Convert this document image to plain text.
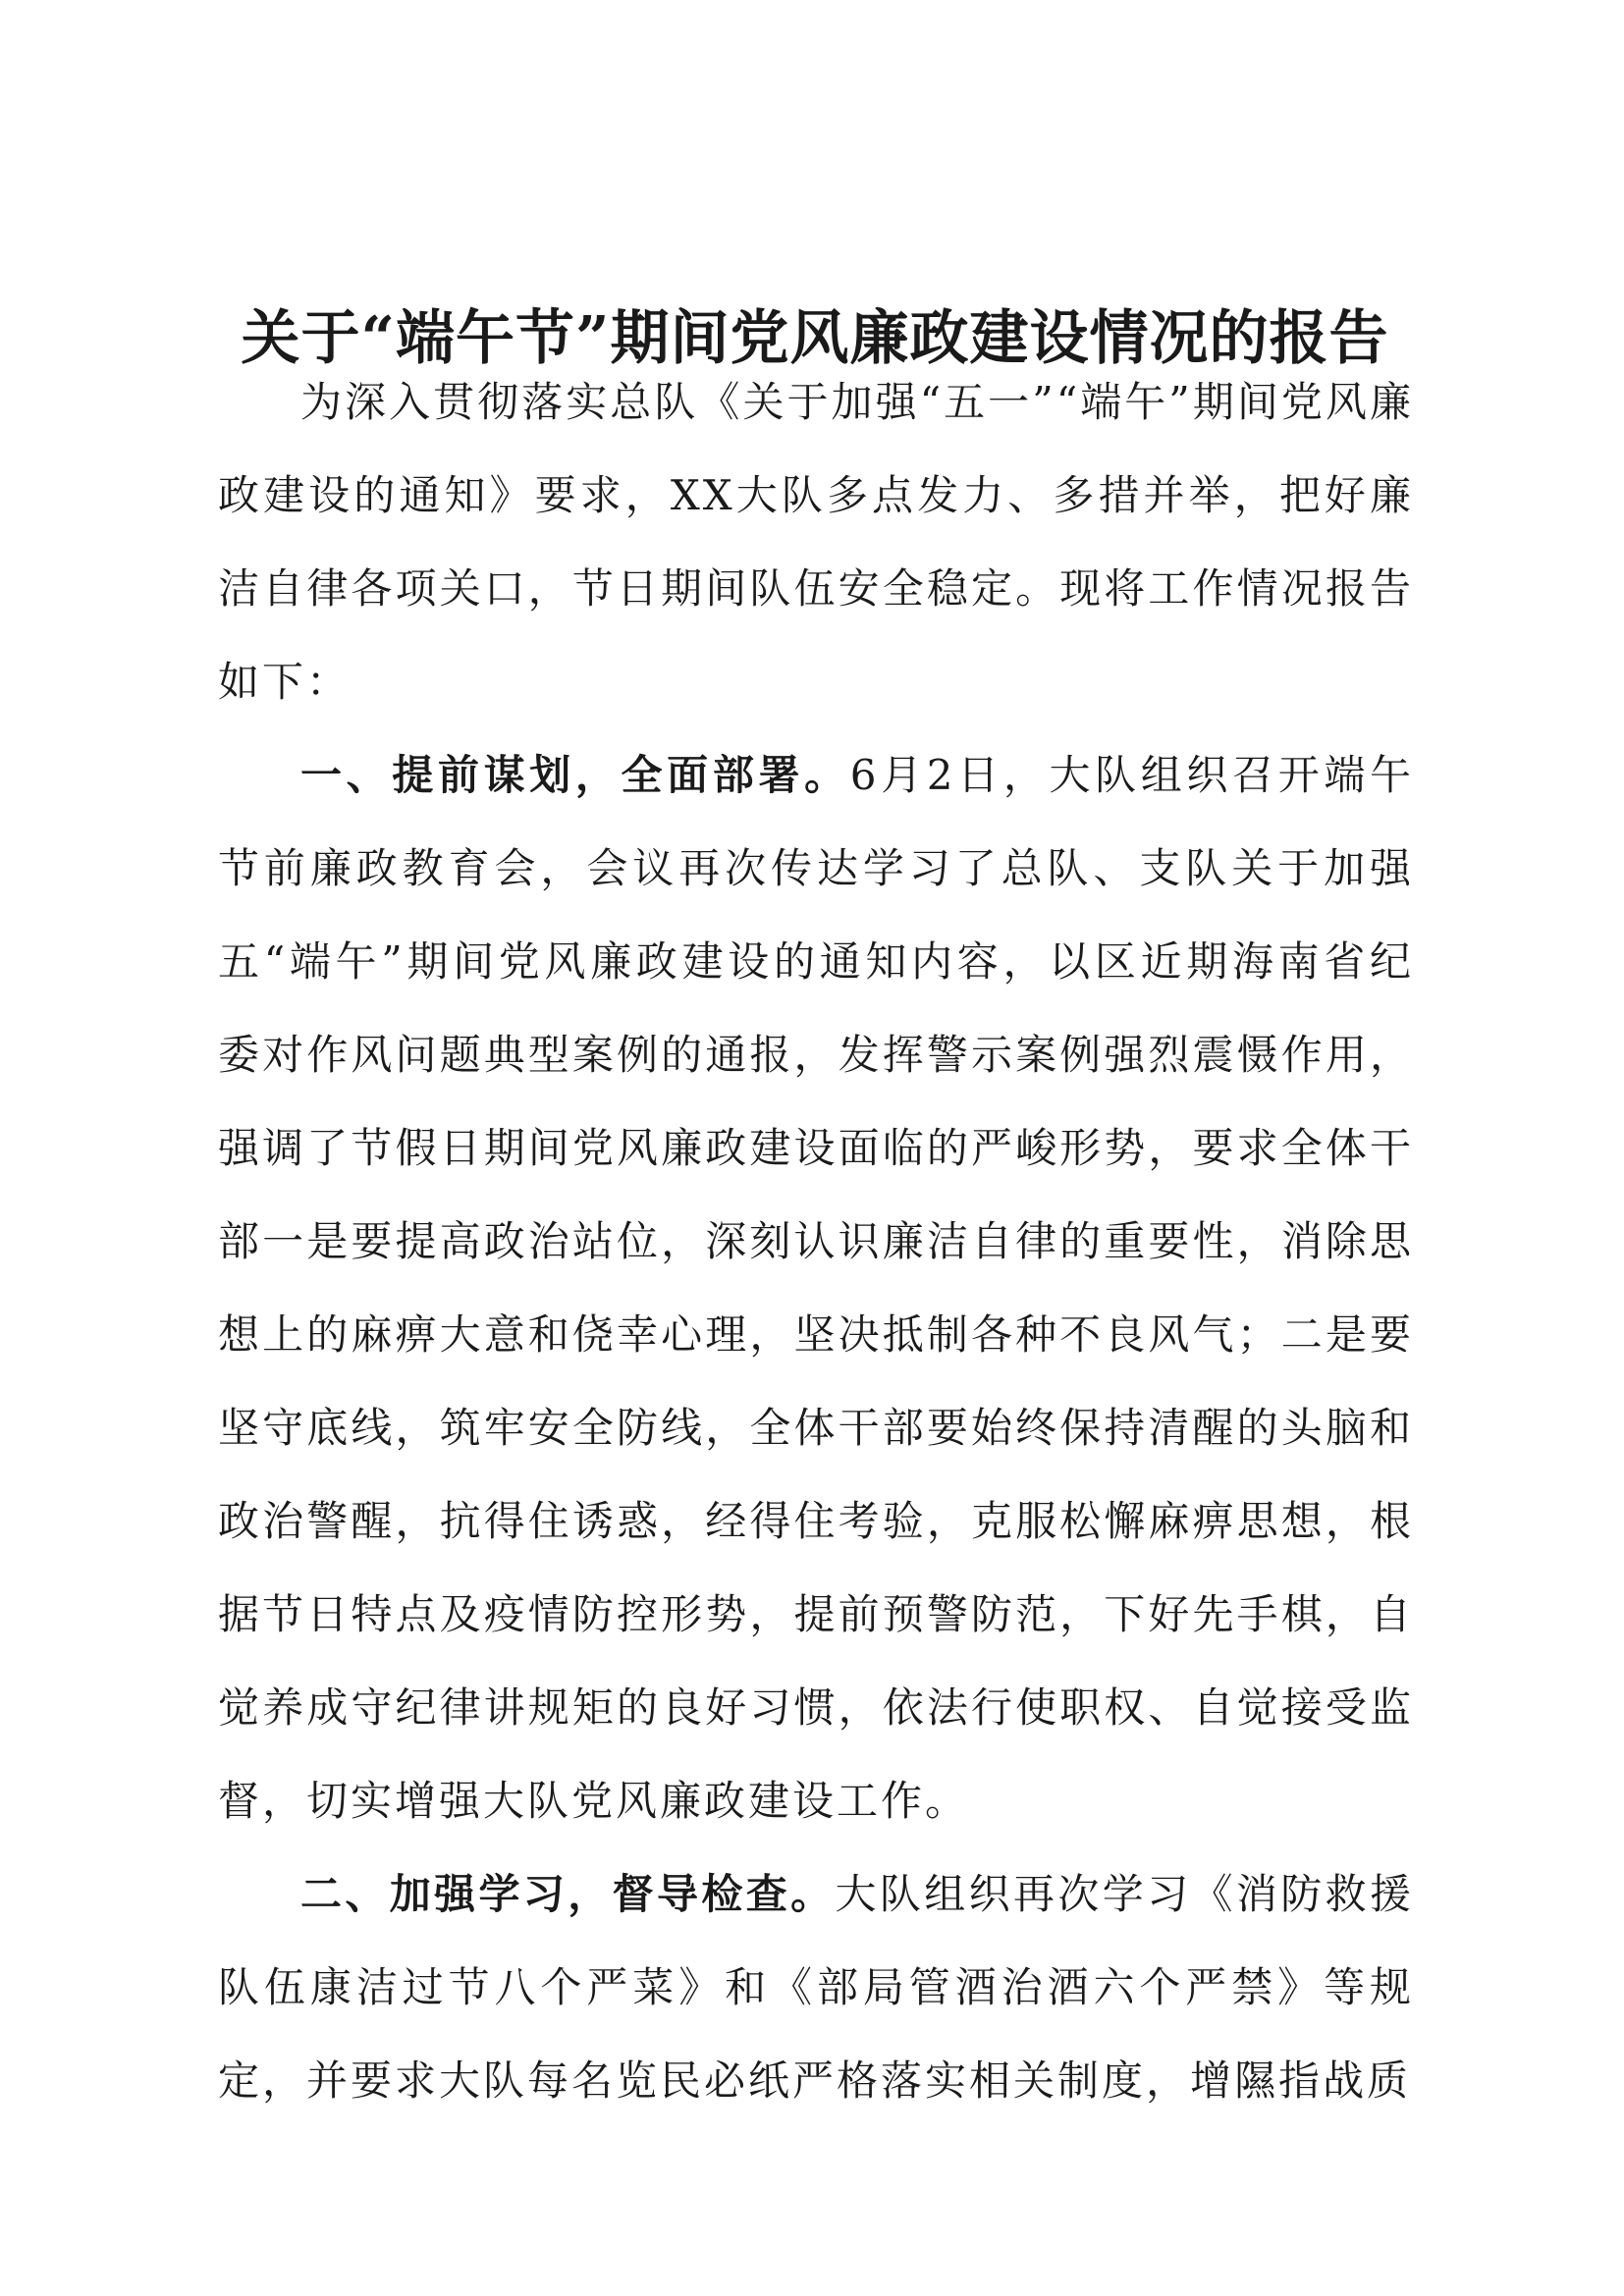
关于“端午节”期间党风廉政建设情况的报告

为深入贯彻落实总队《关于加强“五一”“端午”期间党风廉政建设的通知》要求，XX大队多点发力、多措并举，把好廉洁自律各项关口，节日期间队伍安全稳定。现将工作情况报告如下：

一、提前谋划，全面部署。6月2日，大队组织召开端午节前廉政教育会，会议再次传达学习了总队、支队关于加强五“端午”期间党风廉政建设的通知内容，以区近期海南省纪委对作风问题典型案例的通报，发挥警示案例强烈震慑作用，强调了节假日期间党风廉政建设面临的严峻形势，要求全体干部一是要提高政治站位，深刻认识廉洁自律的重要性，消除思想上的麻痹大意和侥幸心理，坚决抵制各种不良风气；二是要坚守底线，筑牢安全防线，全体干部要始终保持清醒的头脑和政治警醒，抗得住诱惑，经得住考验，克服松懈麻痹思想，根据节日特点及疫情防控形势，提前预警防范，下好先手棋，自觉养成守纪律讲规矩的良好习惯，依法行使职权、自觉接受监督，切实增强大队党风廉政建设工作。

二、加强学习，督导检查。大队组织再次学习《消防救援队伍康洁过节八个严菜》和《部局管酒治酒六个严禁》等规定，并要求大队每名览民必纸严格落实相关制度，增隰指战质
